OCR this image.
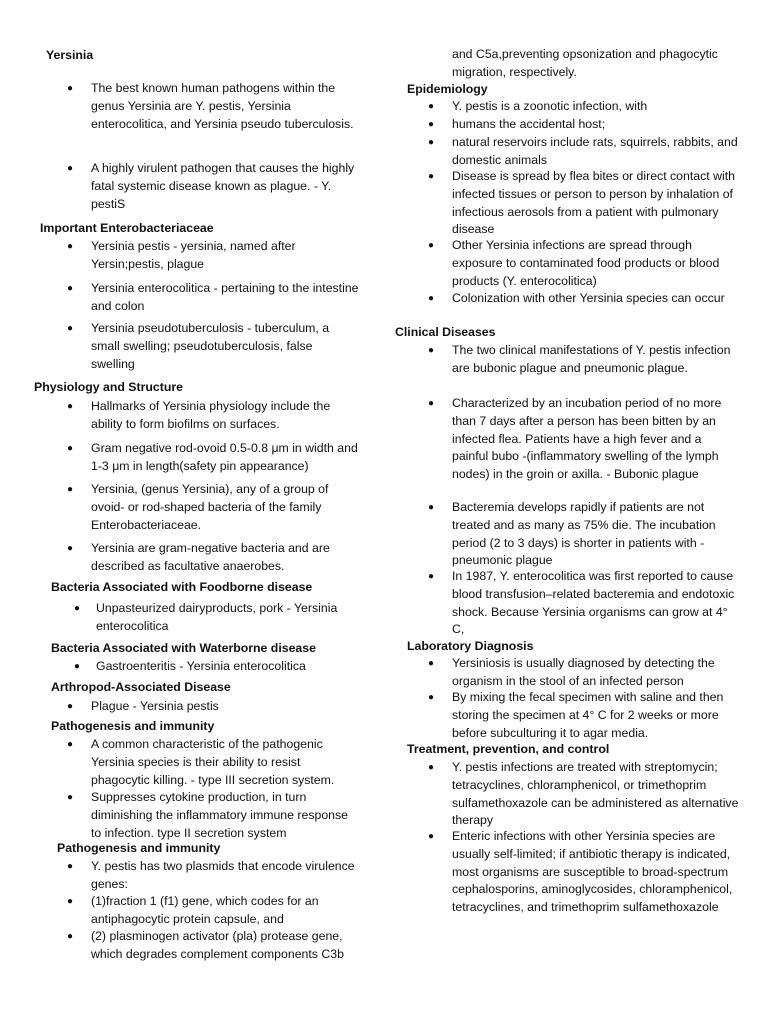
Yersinia
● The best known human pathogens within the genus Yersinia are Y. pestis, Yersinia enterocolitica, and Yersinia pseudo tuberculosis.
● A highly virulent pathogen that causes the highly fatal systemic disease known as plague. - Y. pestiS
Important Enterobacteriaceae
● Yersinia pestis - yersinia, named after Yersin;pestis, plague
● Yersinia enterocolitica - pertaining to the intestine and colon
● Yersinia pseudotuberculosis - tuberculum, a small swelling; pseudotuberculosis, false swelling
Physiology and Structure
● Hallmarks of Yersinia physiology include the ability to form biofilms on surfaces.
● Gram negative rod-ovoid 0.5-0.8 μm in width and 1-3 μm in length(safety pin appearance)
● Yersinia, (genus Yersinia), any of a group of ovoid- or rod-shaped bacteria of the family Enterobacteriaceae.
● Yersinia are gram-negative bacteria and are described as facultative anaerobes.
Bacteria Associated with Foodborne disease
● Unpasteurized dairyproducts, pork - Yersinia enterocolitica
Bacteria Associated with Waterborne disease
● Gastroenteritis - Yersinia enterocolitica
Arthropod-Associated Disease
● Plague - Yersinia pestis
Pathogenesis and immunity
● A common characteristic of the pathogenic Yersinia species is their ability to resist phagocytic killing. - type III secretion system.
● Suppresses cytokine production, in turn diminishing the inflammatory immune response to infection. type II secretion system
Pathogenesis and immunity
● Y. pestis has two plasmids that encode virulence genes:
● (1)fraction 1 (f1) gene, which codes for an antiphagocytic protein capsule, and
● (2) plasminogen activator (pla) protease gene, which degrades complement components C3b
and C5a,preventing opsonization and phagocytic migration, respectively.
Epidemiology
● Y. pestis is a zoonotic infection, with
● humans the accidental host;
● natural reservoirs include rats, squirrels, rabbits, and domestic animals
● Disease is spread by flea bites or direct contact with infected tissues or person to person by inhalation of infectious aerosols from a patient with pulmonary disease
● Other Yersinia infections are spread through exposure to contaminated food products or blood products (Y. enterocolitica)
● Colonization with other Yersinia species can occur
Clinical Diseases
● The two clinical manifestations of Y. pestis infection are bubonic plague and pneumonic plague.
● Characterized by an incubation period of no more than 7 days after a person has been bitten by an infected flea. Patients have a high fever and a painful bubo -(inflammatory swelling of the lymph nodes) in the groin or axilla. - Bubonic plague
● Bacteremia develops rapidly if patients are not treated and as many as 75% die. The incubation period (2 to 3 days) is shorter in patients with -pneumonic plague
● In 1987, Y. enterocolitica was first reported to cause blood transfusion–related bacteremia and endotoxic shock. Because Yersinia organisms can grow at 4° C,
Laboratory Diagnosis
● Yersiniosis is usually diagnosed by detecting the organism in the stool of an infected person
● By mixing the fecal specimen with saline and then storing the specimen at 4° C for 2 weeks or more before subculturing it to agar media.
Treatment, prevention, and control
● Y. pestis infections are treated with streptomycin; tetracyclines, chloramphenicol, or trimethoprim sulfamethoxazole can be administered as alternative therapy
● Enteric infections with other Yersinia species are usually self-limited; if antibiotic therapy is indicated, most organisms are susceptible to broad-spectrum cephalosporins, aminoglycosides, chloramphenicol, tetracyclines, and trimethoprim sulfamethoxazole
